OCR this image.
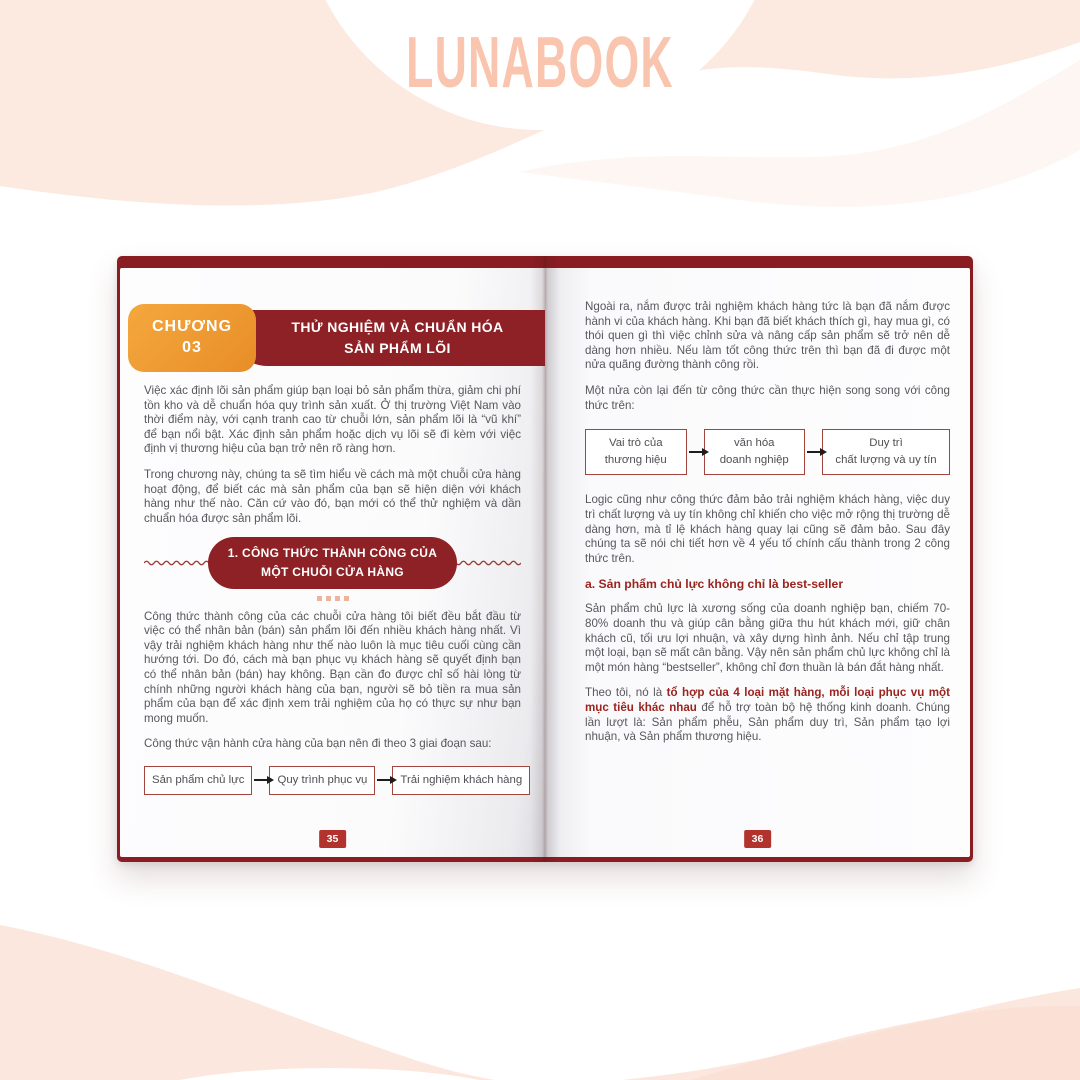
LUNABOOK
CHƯƠNG
03
THỬ NGHIỆM VÀ CHUẨN HÓA
SẢN PHẨM LÕI

Việc xác định lõi sản phẩm giúp bạn loại bỏ sản phẩm thừa, giảm chi phí tồn kho và dễ chuẩn hóa quy trình sản xuất. Ở thị trường Việt Nam vào thời điểm này, với cạnh tranh cao từ chuỗi lớn, sản phẩm lõi là “vũ khí” để bạn nổi bật. Xác định sản phẩm hoặc dịch vụ lõi sẽ đi kèm với việc định vị thương hiệu của bạn trở nên rõ ràng hơn.

Trong chương này, chúng ta sẽ tìm hiểu về cách mà một chuỗi cửa hàng hoạt động, để biết các mà sản phẩm của bạn sẽ hiện diện với khách hàng như thế nào. Căn cứ vào đó, bạn mới có thể thử nghiệm và dần chuẩn hóa được sản phẩm lõi.

1. CÔNG THỨC THÀNH CÔNG CỦA
MỘT CHUỖI CỬA HÀNG

Công thức thành công của các chuỗi cửa hàng tôi biết đều bắt đầu từ việc có thể nhân bản (bán) sản phẩm lõi đến nhiều khách hàng nhất. Vì vậy trải nghiệm khách hàng như thế nào luôn là mục tiêu cuối cùng cần hướng tới. Do đó, cách mà bạn phục vụ khách hàng sẽ quyết định bạn có thể nhân bản (bán) hay không. Bạn cần đo được chỉ số hài lòng từ chính những người khách hàng của bạn, người sẽ bỏ tiền ra mua sản phẩm của bạn để xác định xem trải nghiệm của họ có thực sự như bạn mong muốn.

Công thức vận hành cửa hàng của bạn nên đi theo 3 giai đoạn sau:

Sản phẩm chủ lực	Quy trình phục vụ	Trải nghiệm khách hàng
35

Ngoài ra, nắm được trải nghiệm khách hàng tức là bạn đã nắm được hành vi của khách hàng. Khi bạn đã biết khách thích gì, hay mua gì, có thói quen gì thì việc chỉnh sửa và nâng cấp sản phẩm sẽ trở nên dễ dàng hơn nhiều. Nếu làm tốt công thức trên thì bạn đã đi được một nửa quãng đường thành công rồi.

Một nửa còn lại đến từ công thức cần thực hiện song song với công thức trên:

Vai trò của
thương hiệu
văn hóa
doanh nghiệp
Duy trì
chất lượng và uy tín

Logic cũng như công thức đảm bảo trải nghiệm khách hàng, việc duy trì chất lượng và uy tín không chỉ khiến cho việc mở rộng thị trường dễ dàng hơn, mà tỉ lệ khách hàng quay lại cũng sẽ đảm bảo. Sau đây chúng ta sẽ nói chi tiết hơn về 4 yếu tố chính cấu thành trong 2 công thức trên.

a. Sản phẩm chủ lực không chỉ là best-seller

Sản phẩm chủ lực là xương sống của doanh nghiệp bạn, chiếm 70-80% doanh thu và giúp cân bằng giữa thu hút khách mới, giữ chân khách cũ, tối ưu lợi nhuận, và xây dựng hình ảnh. Nếu chỉ tập trung một loại, bạn sẽ mất cân bằng. Vậy nên sản phẩm chủ lực không chỉ là một món hàng “bestseller”, không chỉ đơn thuần là bán đắt hàng nhất.

Theo tôi, nó là tổ hợp của 4 loại mặt hàng, mỗi loại phục vụ một mục tiêu khác nhau để hỗ trợ toàn bộ hệ thống kinh doanh. Chúng lần lượt là: Sản phẩm phễu, Sản phẩm duy trì, Sản phẩm tạo lợi nhuận, và Sản phẩm thương hiệu.

36
